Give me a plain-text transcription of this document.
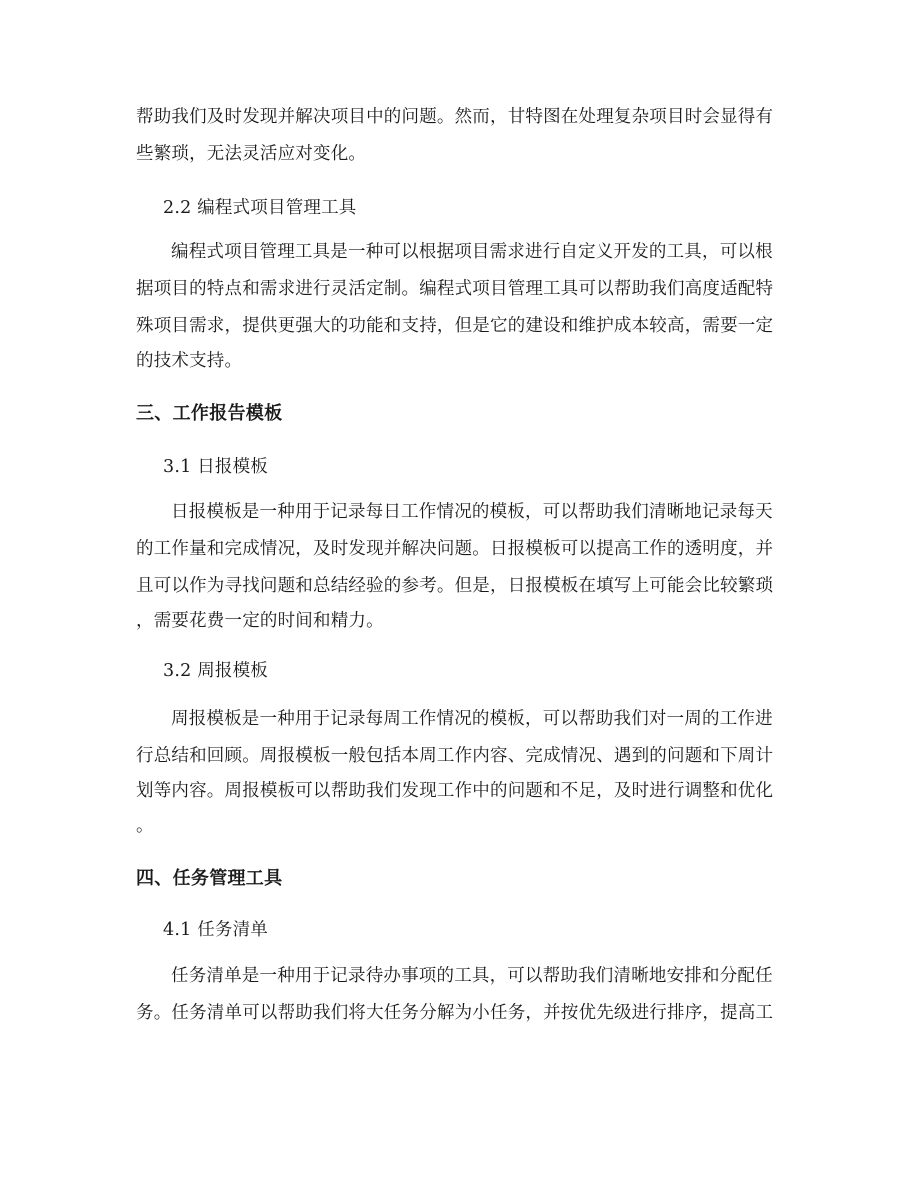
帮助我们及时发现并解决项目中的问题。然而，甘特图在处理复杂项目时会显得有
些繁琐，无法灵活应对变化。
2.2 编程式项目管理工具
编程式项目管理工具是一种可以根据项目需求进行自定义开发的工具，可以根
据项目的特点和需求进行灵活定制。编程式项目管理工具可以帮助我们高度适配特
殊项目需求，提供更强大的功能和支持，但是它的建设和维护成本较高，需要一定
的技术支持。
三、工作报告模板
3.1 日报模板
日报模板是一种用于记录每日工作情况的模板，可以帮助我们清晰地记录每天
的工作量和完成情况，及时发现并解决问题。日报模板可以提高工作的透明度，并
且可以作为寻找问题和总结经验的参考。但是，日报模板在填写上可能会比较繁琐
，需要花费一定的时间和精力。
3.2 周报模板
周报模板是一种用于记录每周工作情况的模板，可以帮助我们对一周的工作进
行总结和回顾。周报模板一般包括本周工作内容、完成情况、遇到的问题和下周计
划等内容。周报模板可以帮助我们发现工作中的问题和不足，及时进行调整和优化
。
四、任务管理工具
4.1 任务清单
任务清单是一种用于记录待办事项的工具，可以帮助我们清晰地安排和分配任
务。任务清单可以帮助我们将大任务分解为小任务，并按优先级进行排序，提高工
